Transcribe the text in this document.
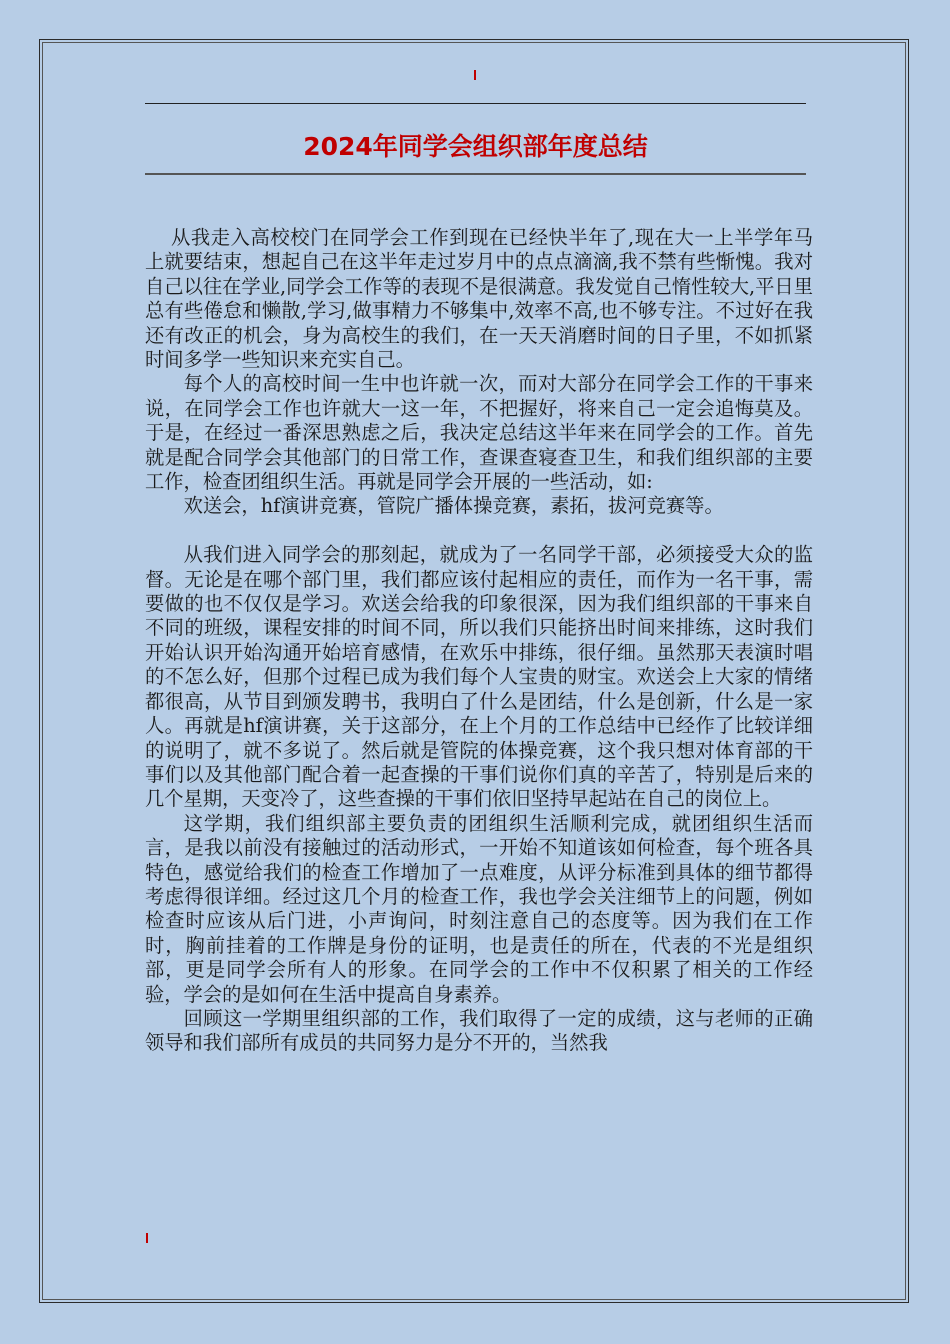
2024年同学会组织部年度总结

从我走入高校校门在同学会工作到现在已经快半年了,现在大一上半学年马上就要结束，想起自己在这半年走过岁月中的点点滴滴,我不禁有些惭愧。我对自己以往在学业,同学会工作等的表现不是很满意。我发觉自己惰性较大,平日里总有些倦怠和懒散,学习,做事精力不够集中,效率不高,也不够专注。不过好在我还有改正的机会，身为高校生的我们，在一天天消磨时间的日子里，不如抓紧时间多学一些知识来充实自己。

每个人的高校时间一生中也许就一次，而对大部分在同学会工作的干事来说，在同学会工作也许就大一这一年，不把握好，将来自己一定会追悔莫及。于是，在经过一番深思熟虑之后，我决定总结这半年来在同学会的工作。首先就是配合同学会其他部门的日常工作，查课查寝查卫生，和我们组织部的主要工作，检查团组织生活。再就是同学会开展的一些活动，如:

欢送会，hf演讲竞赛，管院广播体操竞赛，素拓，拔河竞赛等。

从我们进入同学会的那刻起，就成为了一名同学干部，必须接受大众的监督。无论是在哪个部门里，我们都应该付起相应的责任，而作为一名干事，需要做的也不仅仅是学习。欢送会给我的印象很深，因为我们组织部的干事来自不同的班级，课程安排的时间不同，所以我们只能挤出时间来排练，这时我们开始认识开始沟通开始培育感情，在欢乐中排练，很仔细。虽然那天表演时唱的不怎么好，但那个过程已成为我们每个人宝贵的财宝。欢送会上大家的情绪都很高，从节目到颁发聘书，我明白了什么是团结，什么是创新，什么是一家人。再就是hf演讲赛，关于这部分，在上个月的工作总结中已经作了比较详细的说明了，就不多说了。然后就是管院的体操竞赛，这个我只想对体育部的干事们以及其他部门配合着一起查操的干事们说你们真的辛苦了，特别是后来的几个星期，天变冷了，这些查操的干事们依旧坚持早起站在自己的岗位上。

这学期，我们组织部主要负责的团组织生活顺利完成，就团组织生活而言，是我以前没有接触过的活动形式，一开始不知道该如何检查，每个班各具特色，感觉给我们的检查工作增加了一点难度，从评分标准到具体的细节都得考虑得很详细。经过这几个月的检查工作，我也学会关注细节上的问题，例如检查时应该从后门进，小声询问，时刻注意自己的态度等。因为我们在工作时，胸前挂着的工作牌是身份的证明，也是责任的所在，代表的不光是组织部，更是同学会所有人的形象。在同学会的工作中不仅积累了相关的工作经验，学会的是如何在生活中提高自身素养。

回顾这一学期里组织部的工作，我们取得了一定的成绩，这与老师的正确领导和我们部所有成员的共同努力是分不开的，当然我
